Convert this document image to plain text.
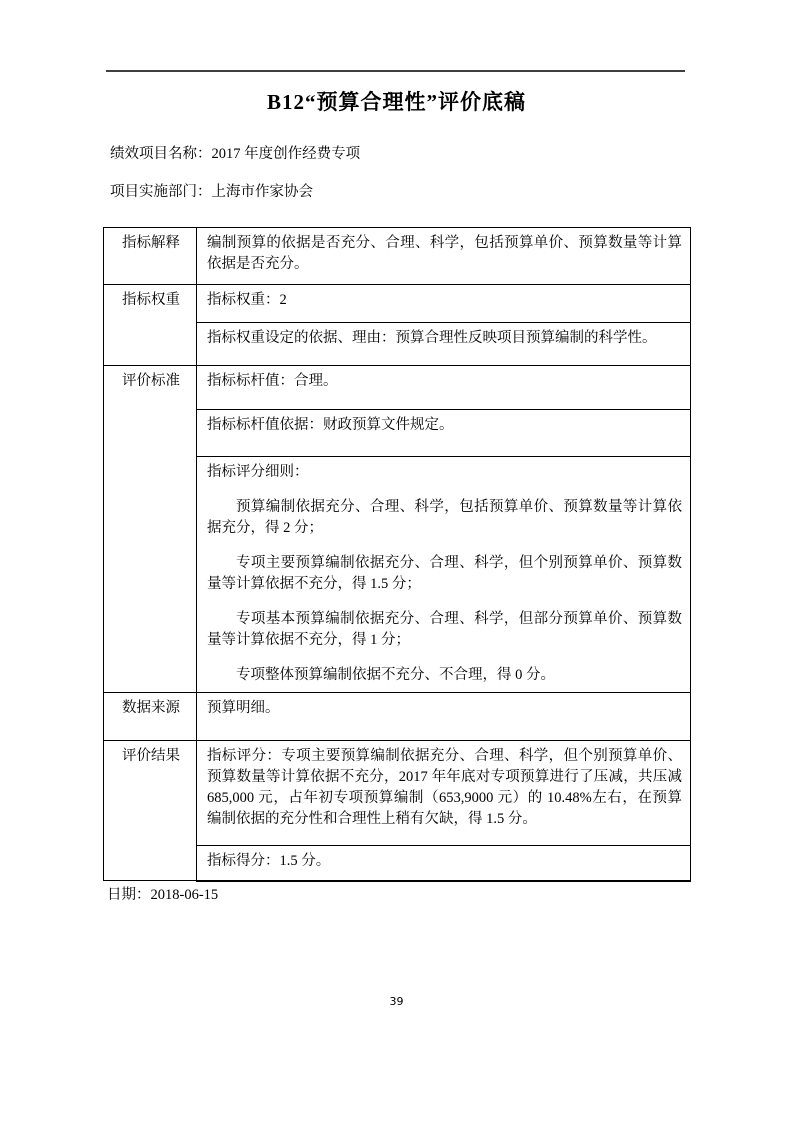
B12“预算合理性”评价底稿
绩效项目名称：2017 年度创作经费专项
项目实施部门：上海市作家协会
指标解释	编制预算的依据是否充分、合理、科学，包括预算单价、预算数量等计算依据是否充分。
指标权重	指标权重：2
	指标权重设定的依据、理由：预算合理性反映项目预算编制的科学性。
评价标准	指标标杆值：合理。
	指标标杆值依据：财政预算文件规定。

	指标评分细则：

预算编制依据充分、合理、科学，包括预算单价、预算数量等计算依据充分，得 2 分；

专项主要预算编制依据充分、合理、科学，但个别预算单价、预算数量等计算依据不充分，得 1.5 分；

专项基本预算编制依据充分、合理、科学，但部分预算单价、预算数量等计算依据不充分，得 1 分；

专项整体预算编制依据不充分、不合理，得 0 分。

数据来源	预算明细。
评价结果	指标评分：专项主要预算编制依据充分、合理、科学，但个别预算单价、预算数量等计算依据不充分，2017 年年底对专项预算进行了压减，共压减 685,000 元，占年初专项预算编制（653,9000 元）的 10.48%左右，在预算编制依据的充分性和合理性上稍有欠缺，得 1.5 分。
	指标得分：1.5 分。
日期：2018-06-15
39
